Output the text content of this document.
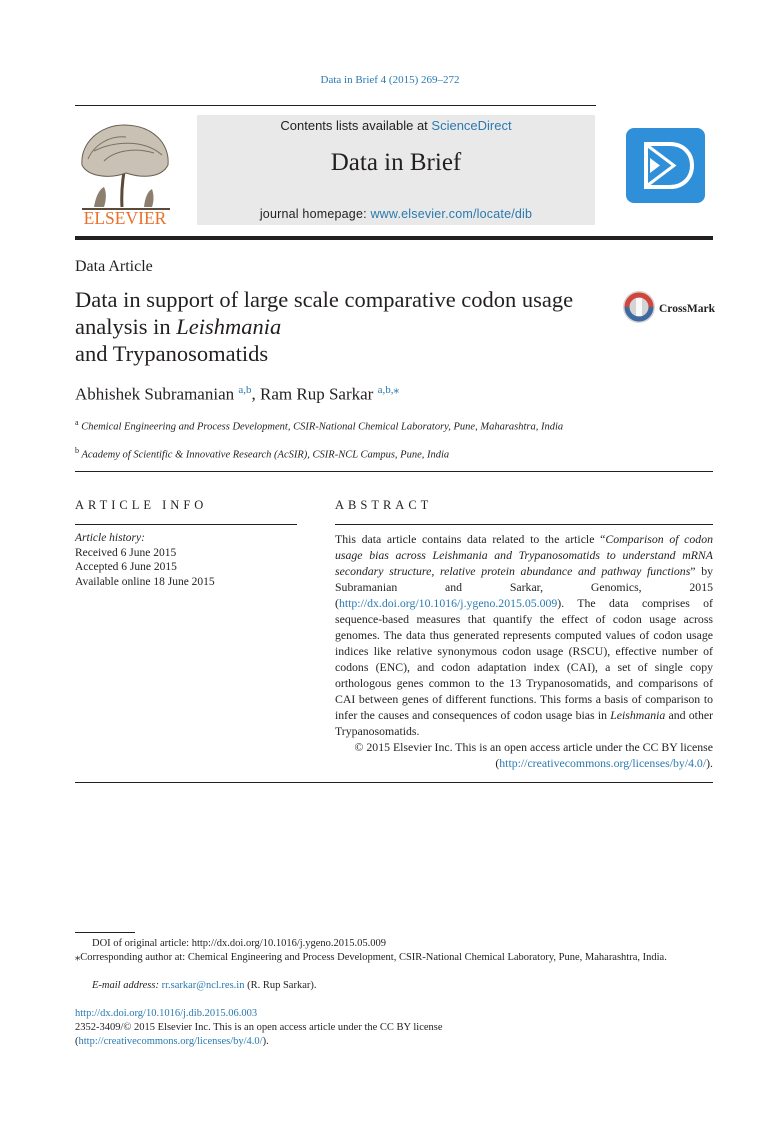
Data in Brief 4 (2015) 269–272
ELSEVIER
Contents lists available at ScienceDirect
Data in Brief
journal homepage: www.elsevier.com/locate/dib
Data Article
Data in support of large scale comparative codon usage analysis in Leishmania
and Trypanosomatids
CrossMark
Abhishek Subramanian $^{a,b}$, Ram Rup Sarkar $^{a,b,⁎}$
$^a$ Chemical Engineering and Process Development, CSIR-National Chemical Laboratory, Pune, Maharashtra, India
$^b$ Academy of Scientific & Innovative Research (AcSIR), CSIR-NCL Campus, Pune, India
ARTICLE INFO
Article history:
Received 6 June 2015
Accepted 6 June 2015
Available online 18 June 2015
ABSTRACT

This data article contains data related to the article “Comparison of codon usage bias across Leishmania and Trypanosomatids to understand mRNA secondary structure, relative protein abundance and pathway functions” by Subramanian and Sarkar, Genomics, 2015 (http://dx.doi.org/10.1016/j.ygeno.2015.05.009). The data comprises of sequence-based measures that quantify the effect of codon usage across genomes. The data thus generated represents computed values of codon usage indices like relative synonymous codon usage (RSCU), effective number of codons (ENC), and codon adaptation index (CAI), a set of single copy orthologous genes common to the 13 Trypanosomatids, and comparisons of CAI between genes of different functions. This forms a basis of comparison to infer the causes and consequences of codon usage bias in Leishmania and other Trypanosomatids.

© 2015 Elsevier Inc. This is an open access article under the CC BY license (http://creativecommons.org/licenses/by/4.0/).

DOI of original article: http://dx.doi.org/10.1016/j.ygeno.2015.05.009
⁎Corresponding author at: Chemical Engineering and Process Development, CSIR-National Chemical Laboratory, Pune, Maharashtra, India.
E-mail address: rr.sarkar@ncl.res.in (R. Rup Sarkar).
http://dx.doi.org/10.1016/j.dib.2015.06.003
2352-3409/© 2015 Elsevier Inc. This is an open access article under the CC BY license
(http://creativecommons.org/licenses/by/4.0/).
